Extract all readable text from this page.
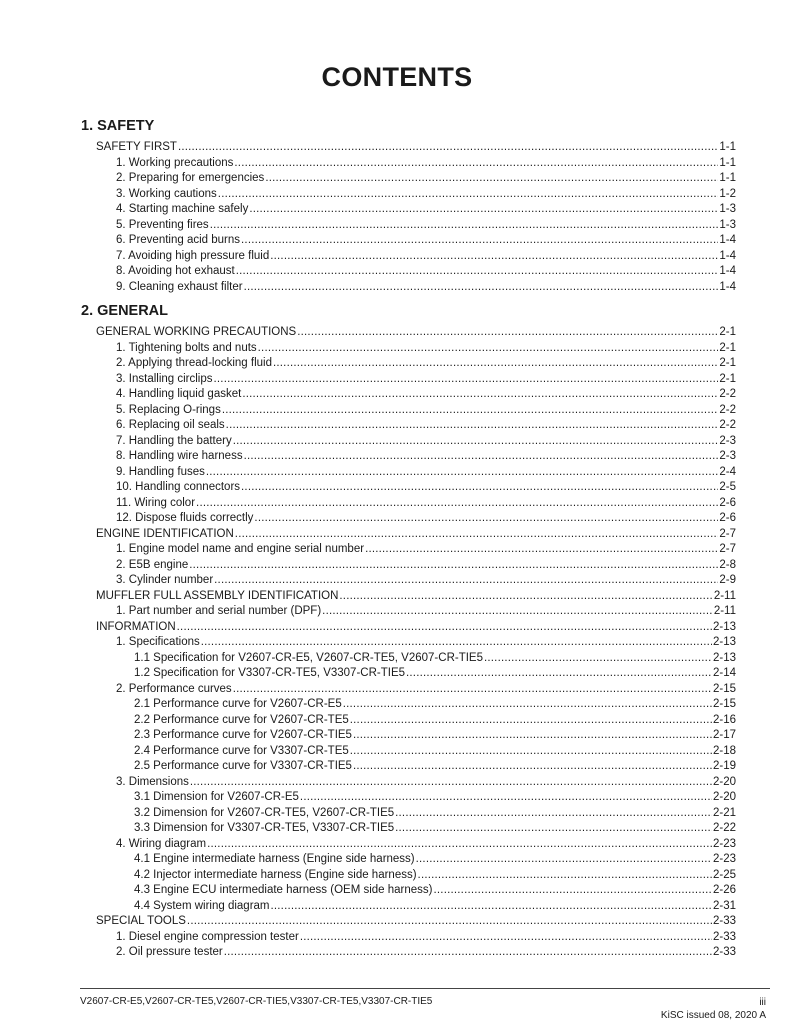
CONTENTS
1. SAFETY
SAFETY FIRST .....	1-1
1. Working precautions .....	1-1
2. Preparing for emergencies .....	1-1
3. Working cautions .....	1-2
4. Starting machine safely .....	1-3
5. Preventing fires .....	1-3
6. Preventing acid burns .....	1-4
7. Avoiding high pressure fluid .....	1-4
8. Avoiding hot exhaust .....	1-4
9. Cleaning exhaust filter .....	1-4
2. GENERAL
GENERAL WORKING PRECAUTIONS .....	2-1
1. Tightening bolts and nuts .....	2-1
2. Applying thread-locking fluid .....	2-1
3. Installing circlips .....	2-1
4. Handling liquid gasket .....	2-2
5. Replacing O-rings .....	2-2
6. Replacing oil seals .....	2-2
7. Handling the battery .....	2-3
8. Handling wire harness .....	2-3
9. Handling fuses .....	2-4
10. Handling connectors .....	2-5
11. Wiring color .....	2-6
12. Dispose fluids correctly .....	2-6
ENGINE IDENTIFICATION .....	2-7
1. Engine model name and engine serial number .....	2-7
2. E5B engine .....	2-8
3. Cylinder number .....	2-9
MUFFLER FULL ASSEMBLY IDENTIFICATION .....	2-11
1. Part number and serial number (DPF) .....	2-11
INFORMATION .....	2-13
1. Specifications .....	2-13
1.1 Specification for V2607-CR-E5, V2607-CR-TE5, V2607-CR-TIE5 .....	2-13
1.2 Specification for V3307-CR-TE5, V3307-CR-TIE5 .....	2-14
2. Performance curves .....	2-15
2.1 Performance curve for V2607-CR-E5 .....	2-15
2.2 Performance curve for V2607-CR-TE5 .....	2-16
2.3 Performance curve for V2607-CR-TIE5 .....	2-17
2.4 Performance curve for V3307-CR-TE5 .....	2-18
2.5 Performance curve for V3307-CR-TIE5 .....	2-19
3. Dimensions .....	2-20
3.1 Dimension for V2607-CR-E5 .....	2-20
3.2 Dimension for V2607-CR-TE5, V2607-CR-TIE5 .....	2-21
3.3 Dimension for V3307-CR-TE5, V3307-CR-TIE5 .....	2-22
4. Wiring diagram .....	2-23
4.1 Engine intermediate harness (Engine side harness) .....	2-23
4.2 Injector intermediate harness (Engine side harness) .....	2-25
4.3 Engine ECU intermediate harness (OEM side harness) .....	2-26
4.4 System wiring diagram .....	2-31
SPECIAL TOOLS .....	2-33
1. Diesel engine compression tester .....	2-33
2. Oil pressure tester .....	2-33
V2607-CR-E5,V2607-CR-TE5,V2607-CR-TIE5,V3307-CR-TE5,V3307-CR-TIE5	iii
KiSC issued 08, 2020 A
